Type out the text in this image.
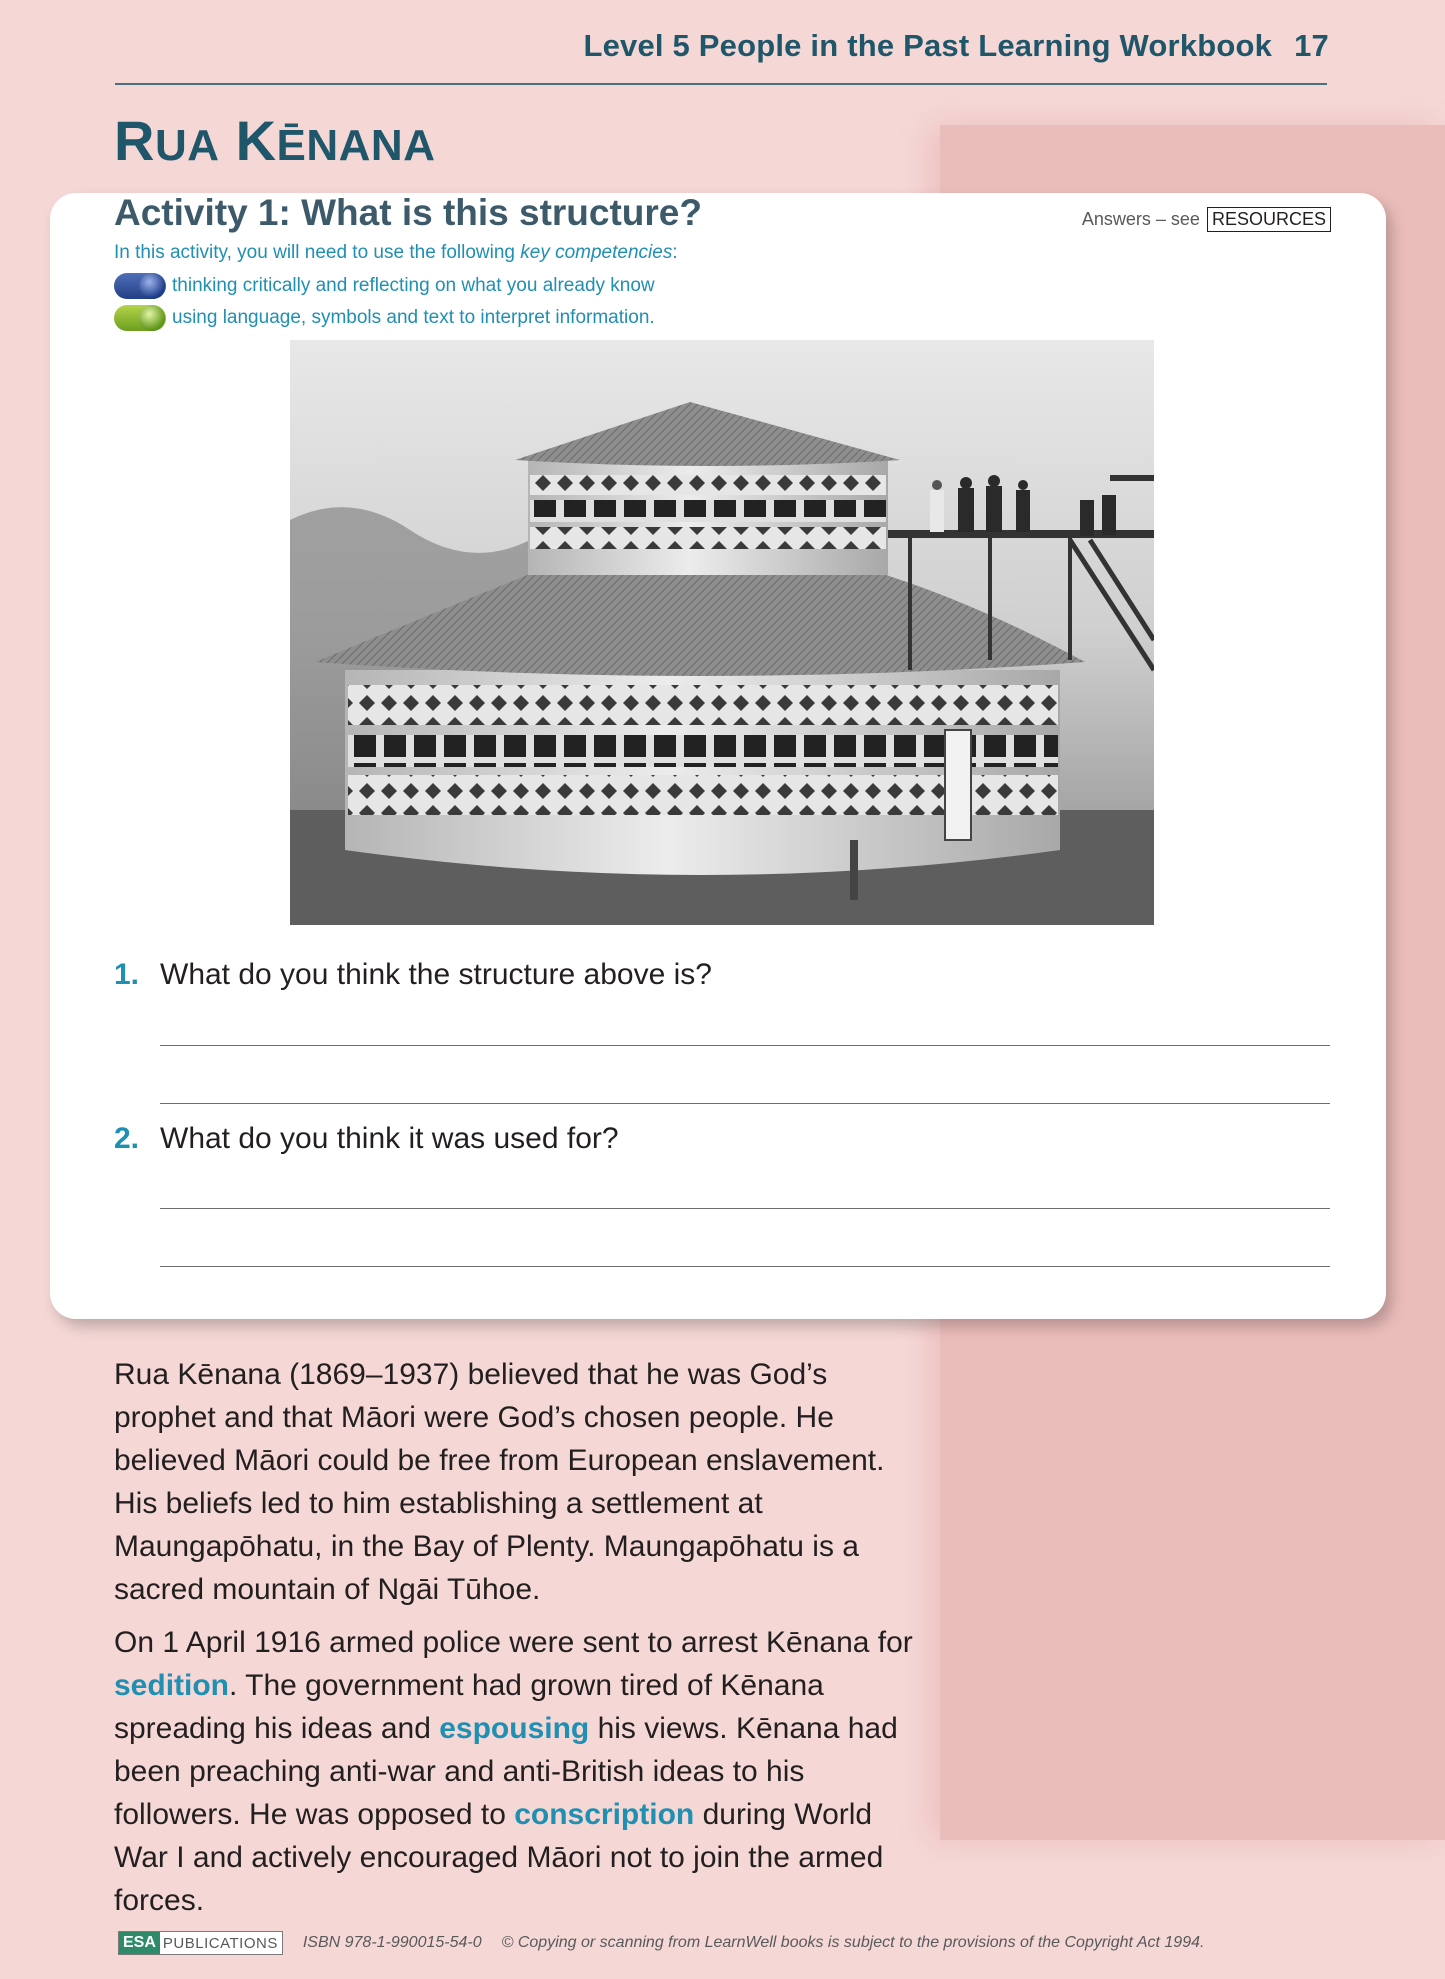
Level 5 People in the Past Learning Workbook 17
RUA KĒNANA
Activity 1: What is this structure?	Answers – see RESOURCES
In this activity, you will need to use the following key competencies:
thinking critically and reflecting on what you already know
using language, symbols and text to interpret information.
1. What do you think the structure above is?
2. What do you think it was used for?

Rua Kēnana (1869–1937) believed that he was God’s prophet and that Māori were God’s chosen people. He believed Māori could be free from European enslavement. His beliefs led to him establishing a settlement at Maungapōhatu, in the Bay of Plenty. Maungapōhatu is a sacred mountain of Ngāi Tūhoe.

On 1 April 1916 armed police were sent to arrest Kēnana for sedition. The government had grown tired of Kēnana spreading his ideas and espousing his views. Kēnana had been preaching anti-war and anti-British ideas to his followers. He was opposed to conscription during World War I and actively encouraged Māori not to join the armed forces.

ESA PUBLICATIONS ISBN 978-1-990015-54-0 © Copying or scanning from LearnWell books is subject to the provisions of the Copyright Act 1994.
